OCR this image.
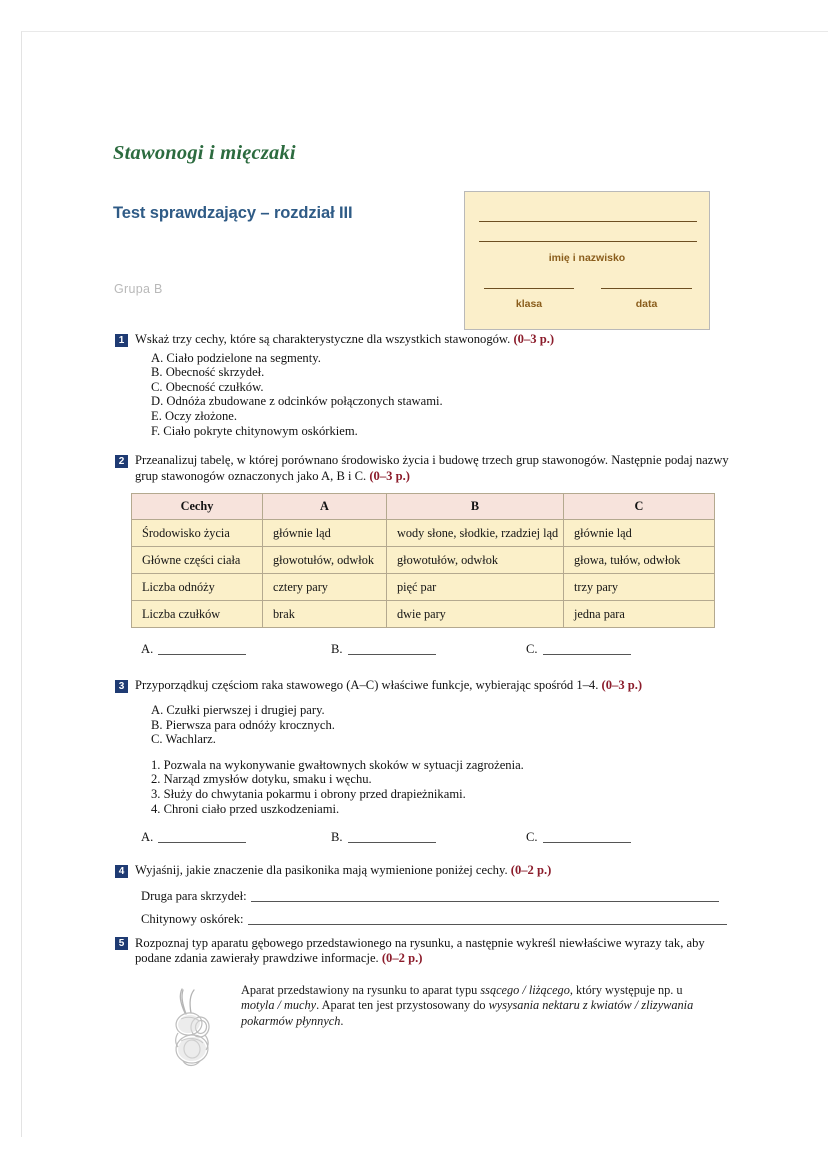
Stawonogi i mięczaki
Test sprawdzający – rozdział III
Grupa B
imię i nazwisko
klasa	data
1 Wskaż trzy cechy, które są charakterystyczne dla wszystkich stawonogów. (0–3 p.)
A. Ciało podzielone na segmenty.
B. Obecność skrzydeł.
C. Obecność czułków.
D. Odnóża zbudowane z odcinków połączonych stawami.
E. Oczy złożone.
F. Ciało pokryte chitynowym oskórkiem.
2 Przeanalizuj tabelę, w której porównano środowisko życia i budowę trzech grup stawonogów. Następnie podaj nazwy grup stawonogów oznaczonych jako A, B i C. (0–3 p.)
Cechy	A	B	C
Środowisko życia	głównie ląd	wody słone, słodkie, rzadziej ląd	głównie ląd
Główne części ciała	głowotułów, odwłok	głowotułów, odwłok	głowa, tułów, odwłok
Liczba odnóży	cztery pary	pięć par	trzy pary
Liczba czułków	brak	dwie pary	jedna para
A.	B.	C.
3 Przyporządkuj częściom raka stawowego (A–C) właściwe funkcje, wybierając spośród 1–4. (0–3 p.)
A. Czułki pierwszej i drugiej pary.
B. Pierwsza para odnóży krocznych.
C. Wachlarz.
1. Pozwala na wykonywanie gwałtownych skoków w sytuacji zagrożenia.
2. Narząd zmysłów dotyku, smaku i węchu.
3. Służy do chwytania pokarmu i obrony przed drapieżnikami.
4. Chroni ciało przed uszkodzeniami.
A.	B.	C.
4 Wyjaśnij, jakie znaczenie dla pasikonika mają wymienione poniżej cechy. (0–2 p.)
Druga para skrzydeł:
Chitynowy oskórek:
5 Rozpoznaj typ aparatu gębowego przedstawionego na rysunku, a następnie wykreśl niewłaściwe wyrazy tak, aby podane zdania zawierały prawdziwe informacje. (0–2 p.)
Aparat przedstawiony na rysunku to aparat typu ssącego / liżącego, który występuje np. u motyla / muchy. Aparat ten jest przystosowany do wysysania nektaru z kwiatów / zlizywania pokarmów płynnych.
